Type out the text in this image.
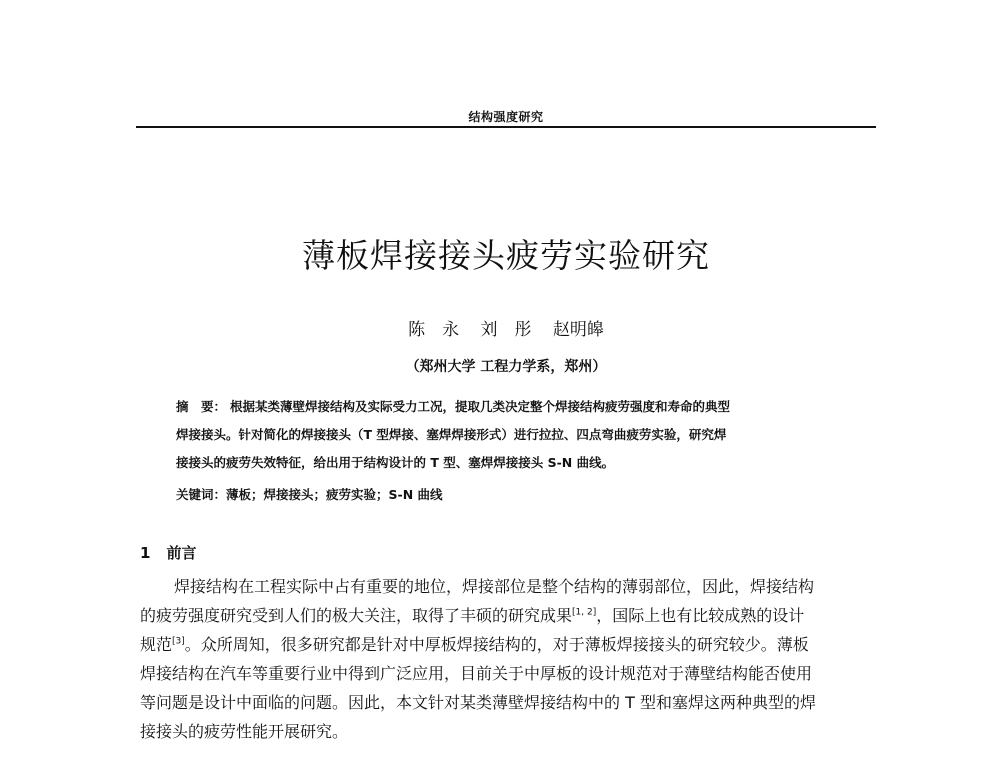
结构强度研究
薄板焊接接头疲劳实验研究
陈　永 刘　彤 赵明皞
（郑州大学 工程力学系，郑州）
摘　要： 根据某类薄壁焊接结构及实际受力工况，提取几类决定整个焊接结构疲劳强度和寿命的典型
焊接接头。针对简化的焊接接头（T 型焊接、塞焊焊接形式）进行拉拉、四点弯曲疲劳实验，研究焊
接接头的疲劳失效特征，给出用于结构设计的 T 型、塞焊焊接接头 S-N 曲线。
关键词：薄板；焊接接头；疲劳实验；S-N 曲线
1 前言
焊接结构在工程实际中占有重要的地位，焊接部位是整个结构的薄弱部位，因此，焊接结构
的疲劳强度研究受到人们的极大关注，取得了丰硕的研究成果[1, 2]，国际上也有比较成熟的设计
规范[3]。众所周知，很多研究都是针对中厚板焊接结构的，对于薄板焊接接头的研究较少。薄板
焊接结构在汽车等重要行业中得到广泛应用，目前关于中厚板的设计规范对于薄壁结构能否使用
等问题是设计中面临的问题。因此，本文针对某类薄壁焊接结构中的 T 型和塞焊这两种典型的焊
接接头的疲劳性能开展研究。
